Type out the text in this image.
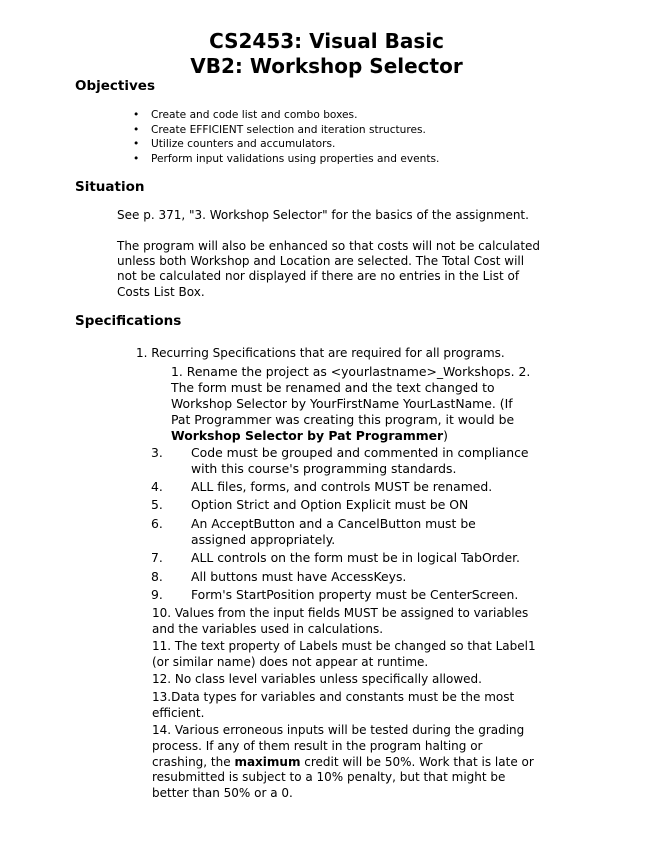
CS2453: Visual Basic
VB2: Workshop Selector
Objectives
• Create and code list and combo boxes.
• Create EFFICIENT selection and iteration structures.
• Utilize counters and accumulators.
• Perform input validations using properties and events.
Situation
See p. 371, "3. Workshop Selector" for the basics of the assignment.
The program will also be enhanced so that costs will not be calculated unless both Workshop and Location are selected. The Total Cost will not be calculated nor displayed if there are no entries in the List of Costs List Box.
Specifications
1. Recurring Specifications that are required for all programs.
1. Rename the project as <yourlastname>_Workshops. 2. The form must be renamed and the text changed to Workshop Selector by YourFirstName YourLastName. (If Pat Programmer was creating this program, it would be Workshop Selector by Pat Programmer)
3. Code must be grouped and commented in compliance with this course's programming standards.
4. ALL files, forms, and controls MUST be renamed.
5. Option Strict and Option Explicit must be ON
6. An AcceptButton and a CancelButton must be assigned appropriately.
7. ALL controls on the form must be in logical TabOrder.
8. All buttons must have AccessKeys.
9. Form's StartPosition property must be CenterScreen.
10. Values from the input fields MUST be assigned to variables and the variables used in calculations.
11. The text property of Labels must be changed so that Label1 (or similar name) does not appear at runtime.
12. No class level variables unless specifically allowed.
13.Data types for variables and constants must be the most efficient.
14. Various erroneous inputs will be tested during the grading process. If any of them result in the program halting or crashing, the maximum credit will be 50%. Work that is late or resubmitted is subject to a 10% penalty, but that might be better than 50% or a 0.
